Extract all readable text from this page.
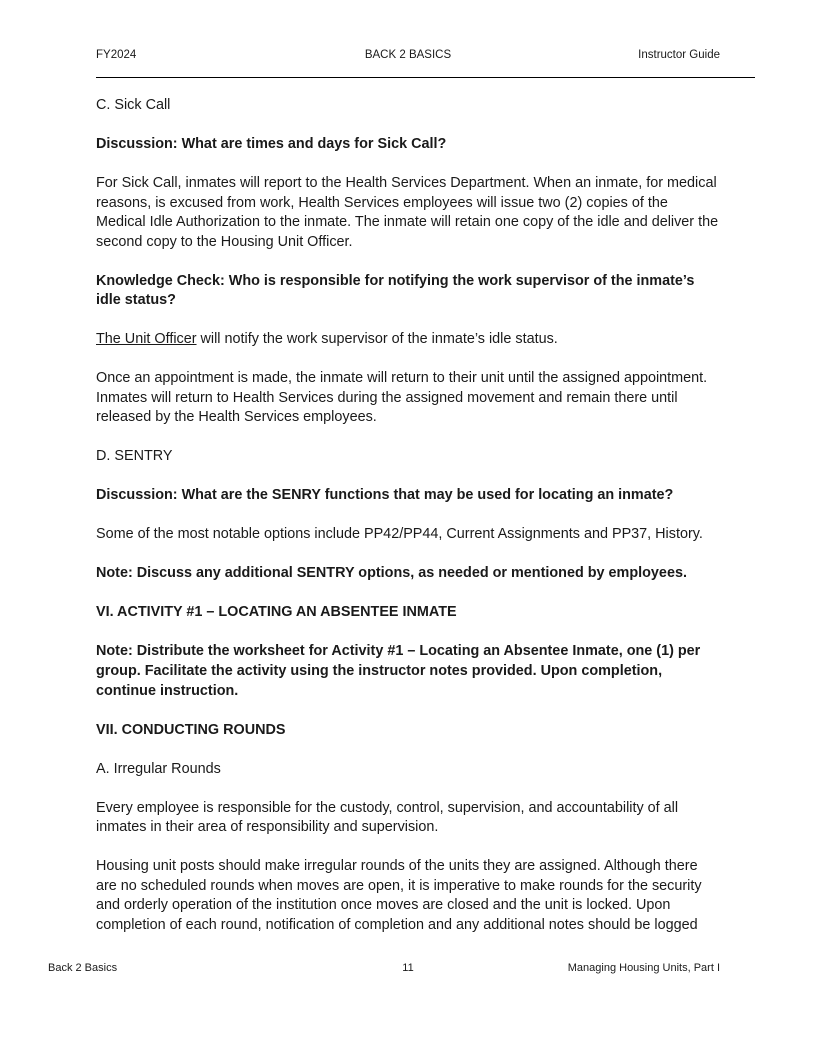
FY2024	BACK 2 BASICS	Instructor Guide

C. Sick Call

Discussion: What are times and days for Sick Call?

For Sick Call, inmates will report to the Health Services Department. When an inmate, for medical reasons, is excused from work, Health Services employees will issue two (2) copies of the Medical Idle Authorization to the inmate. The inmate will retain one copy of the idle and deliver the second copy to the Housing Unit Officer.

Knowledge Check: Who is responsible for notifying the work supervisor of the inmate’s idle status?

The Unit Officer will notify the work supervisor of the inmate’s idle status.

Once an appointment is made, the inmate will return to their unit until the assigned appointment. Inmates will return to Health Services during the assigned movement and remain there until released by the Health Services employees.

D. SENTRY

Discussion: What are the SENRY functions that may be used for locating an inmate?

Some of the most notable options include PP42/PP44, Current Assignments and PP37, History.

Note: Discuss any additional SENTRY options, as needed or mentioned by employees.

VI. ACTIVITY #1 – LOCATING AN ABSENTEE INMATE

Note: Distribute the worksheet for Activity #1 – Locating an Absentee Inmate, one (1) per group. Facilitate the activity using the instructor notes provided. Upon completion, continue instruction.

VII. CONDUCTING ROUNDS

A. Irregular Rounds

Every employee is responsible for the custody, control, supervision, and accountability of all inmates in their area of responsibility and supervision.

Housing unit posts should make irregular rounds of the units they are assigned. Although there are no scheduled rounds when moves are open, it is imperative to make rounds for the security and orderly operation of the institution once moves are closed and the unit is locked. Upon completion of each round, notification of completion and any additional notes should be logged

Back 2 Basics	11	Managing Housing Units, Part I
